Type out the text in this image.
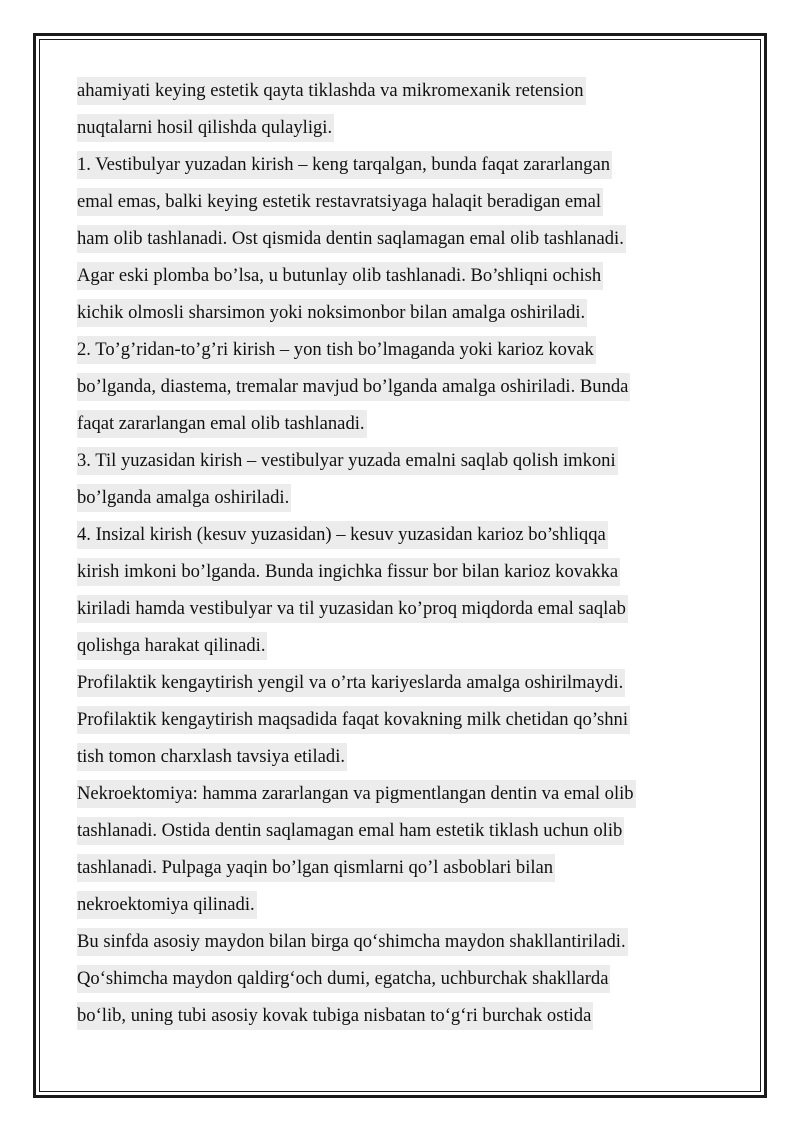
ahamiyati keying estetik qayta tiklashda va mikromexanik retension
nuqtalarni hosil qilishda qulayligi.
1. Vestibulyar yuzadan kirish – keng tarqalgan, bunda faqat zararlangan
emal emas, balki keying estetik restavratsiyaga halaqit beradigan emal
ham olib tashlanadi. Ost qismida dentin saqlamagan emal olib tashlanadi.
Agar eski plomba bo’lsa, u butunlay olib tashlanadi. Bo’shliqni ochish
kichik olmosli sharsimon yoki noksimonbor bilan amalga oshiriladi.
2. To’g’ridan-to’g’ri kirish – yon tish bo’lmaganda yoki karioz kovak
bo’lganda, diastema, tremalar mavjud bo’lganda amalga oshiriladi. Bunda
faqat zararlangan emal olib tashlanadi.
3. Til yuzasidan kirish – vestibulyar yuzada emalni saqlab qolish imkoni
bo’lganda amalga oshiriladi.
4. Insizal kirish (kesuv yuzasidan) – kesuv yuzasidan karioz bo’shliqqa
kirish imkoni bo’lganda. Bunda ingichka fissur bor bilan karioz kovakka
kiriladi hamda vestibulyar va til yuzasidan ko’proq miqdorda emal saqlab
qolishga harakat qilinadi.
Profilaktik kengaytirish yengil va o’rta kariyeslarda amalga oshirilmaydi.
Profilaktik kengaytirish maqsadida faqat kovakning milk chetidan qo’shni
tish tomon charxlash tavsiya etiladi.
Nekroektomiya: hamma zararlangan va pigmentlangan dentin va emal olib
tashlanadi. Ostida dentin saqlamagan emal ham estetik tiklash uchun olib
tashlanadi. Pulpaga yaqin bo’lgan qismlarni qo’l asboblari bilan
nekroektomiya qilinadi.
Bu sinfda asosiy maydon bilan birga qo‘shimcha maydon shakllantiriladi.
Qo‘shimcha maydon qaldirg‘och dumi, egatcha, uchburchak shakllarda
bo‘lib, uning tubi asosiy kovak tubiga nisbatan to‘g‘ri burchak ostida
